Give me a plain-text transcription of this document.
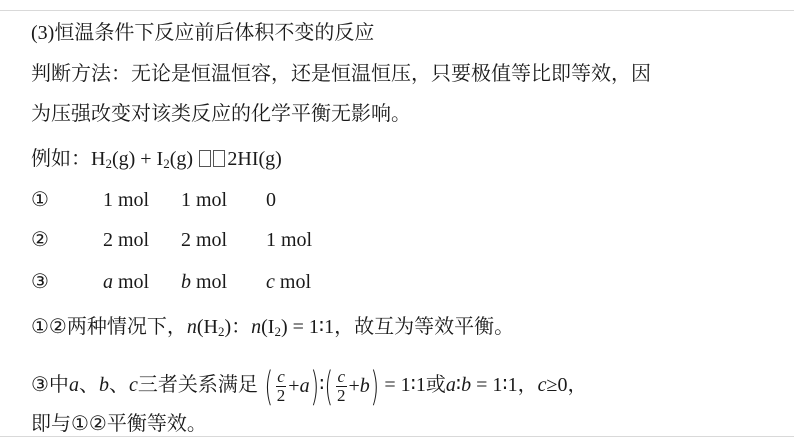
(3)恒温条件下反应前后体积不变的反应
判断方法：无论是恒温恒容，还是恒温恒压，只要极值等比即等效，因
为压强改变对该类反应的化学平衡无影响。
例如：$H_2(g) + I_2(g)$ 2HI(g)
①	1 mol 1 mol 0
②	2 mol 2 mol 1 mol
③	a mol b mol c mol
①②两种情况下，$n(H_2)$：$n(I_2)$ = 1∶1，故互为等效平衡。
③中a、b、c三者关系满足 ( $\frac{c}{2}$ +a)∶( $\frac{c}{2} +b$) = 1∶1或a∶b = 1∶1，c≥0，
即与①②平衡等效。
